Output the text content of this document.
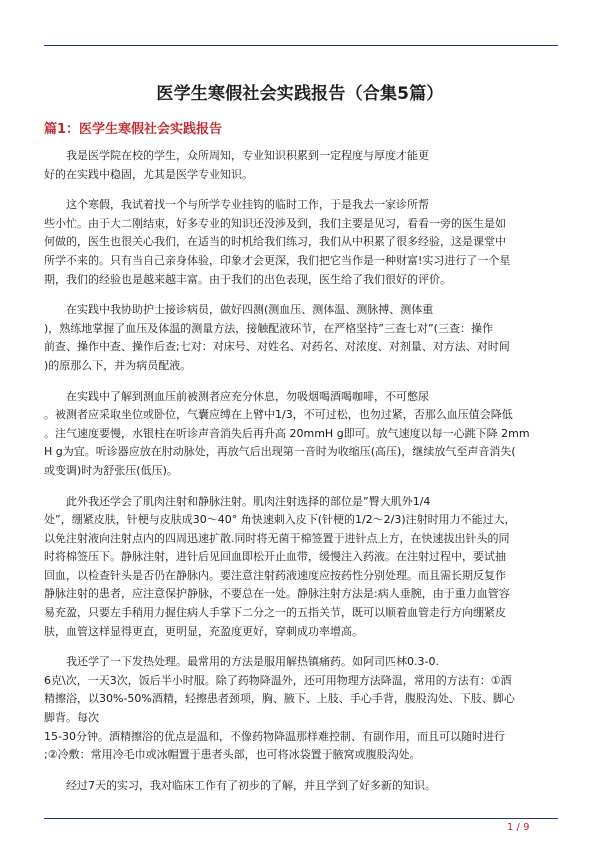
医学生寒假社会实践报告（合集5篇）
篇1：医学生寒假社会实践报告

我是医学院在校的学生，众所周知，专业知识积累到一定程度与厚度才能更
好的在实践中稳固，尤其是医学专业知识。

这个寒假，我试着找一个与所学专业挂钩的临时工作，于是我去一家诊所帮
些小忙。由于大二刚结束，好多专业的知识还没涉及到，我们主要是见习，看看一旁的医生是如
何做的，医生也很关心我们，在适当的时机给我们练习，我们从中积累了很多经验，这是课堂中
所学不来的。只有当自己亲身体验，印象才会更深，我们把它当作是一种财富!实习进行了一个星
期，我们的经验也是越来越丰富。由于我们的出色表现，医生给了我们很好的评价。

在实践中我协助护士接诊病员，做好四测(测血压、测体温、测脉搏、测体重
)，熟练地掌握了血压及体温的测量方法，接触配液环节，在严格坚持”三查七对”(三查：操作
前查、操作中查、操作后查;七对：对床号、对姓名、对药名、对浓度、对剂量、对方法、对时间
)的原那么下，并为病员配液。

在实践中了解到测血压前被测者应充分休息，勿吸烟喝酒喝咖啡，不可憋尿
。被测者应采取坐位或卧位，气囊应缚在上臂中1/3，不可过松，也勿过紧，否那么血压值会降低
。注气速度要慢，水银柱在听诊声音消失后再升高 20mmH g即可。放气速度以每一心跳下降 2mm
H g为宜。听诊器应放在肘动脉处，再放气后出现第一音时为收缩压(高压)，继续放气至声音消失(
或变调)时为舒张压(低压)。

此外我还学会了肌肉注射和静脉注射。肌肉注射选择的部位是”臀大肌外1/4
处”，绷紧皮肤，针梗与皮肤成30～40° 角快速刺入皮下(针梗的1/2～2/3)注射时用力不能过大，
以免注射液向注射点内的四周迅速扩散.同时将无菌干棉签置于进针点上方，在快速拔出针头的同
时将棉签压下。静脉注射，进针后见回血即松开止血带，缓慢注入药液。在注射过程中，要试抽
回血，以检查针头是否仍在静脉内。要注意注射药液速度应按药性分别处理。而且需长期反复作
静脉注射的患者，应注意保护静脉，不要总在一处。静脉注射方法是:病人垂腕，由于重力血管容
易充盈，只要左手稍用力握住病人手掌下二分之一的五指关节，既可以顺着血管走行方向绷紧皮
肤，血管这样显得更直，更明显，充盈度更好，穿刺成功率增高。

我还学了一下发热处理。最常用的方法是服用解热镇痛药。如阿司匹林0.3-0.
6克\次，一天3次，饭后半小时服。除了药物降温外，还可用物理方法降温，常用的方法有：①酒
精擦浴，以30%-50%酒精，轻擦患者颈项，胸、腋下、上肢、手心手背，腹股沟处、下肢、脚心
脚背。每次
15-30分钟。酒精擦浴的优点是温和，不像药物降温那样难控制、有副作用，而且可以随时进行
;②冷敷：常用冷毛巾或冰帽置于患者头部，也可将冰袋置于腋窝或腹股沟处。

经过7天的实习，我对临床工作有了初步的了解，并且学到了好多新的知识。

1 / 9
